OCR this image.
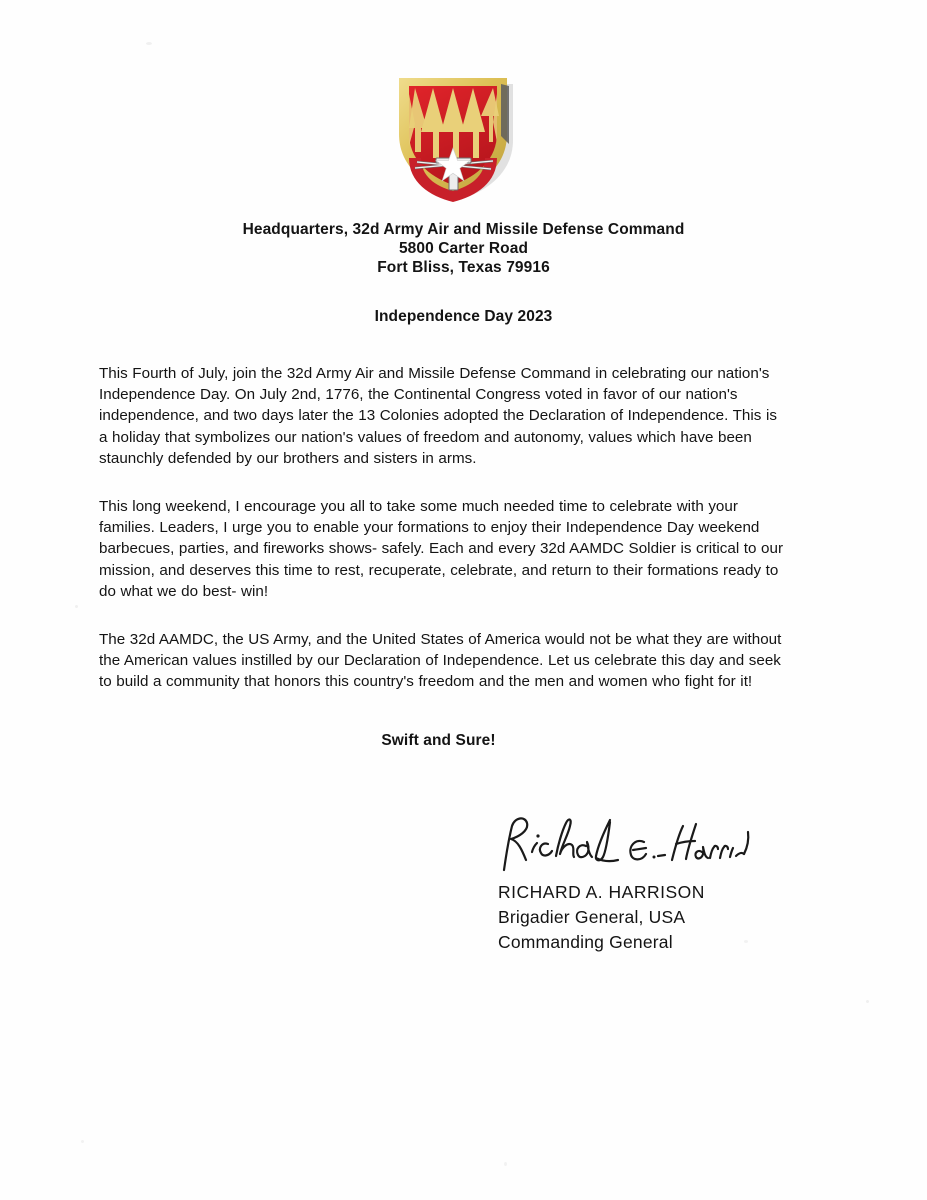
Headquarters, 32d Army Air and Missile Defense Command
5800 Carter Road
Fort Bliss, Texas 79916
Independence Day 2023

This Fourth of July, join the 32d Army Air and Missile Defense Command in celebrating our nation's Independence Day. On July 2nd, 1776, the Continental Congress voted in favor of our nation's independence, and two days later the 13 Colonies adopted the Declaration of Independence. This is a holiday that symbolizes our nation's values of freedom and autonomy, values which have been staunchly defended by our brothers and sisters in arms.

This long weekend, I encourage you all to take some much needed time to celebrate with your families. Leaders, I urge you to enable your formations to enjoy their Independence Day weekend barbecues, parties, and fireworks shows- safely. Each and every 32d AAMDC Soldier is critical to our mission, and deserves this time to rest, recuperate, celebrate, and return to their formations ready to do what we do best- win!

The 32d AAMDC, the US Army, and the United States of America would not be what they are without the American values instilled by our Declaration of Independence. Let us celebrate this day and seek to build a community that honors this country's freedom and the men and women who fight for it!

Swift and Sure!
RICHARD A. HARRISON
Brigadier General, USA
Commanding General
